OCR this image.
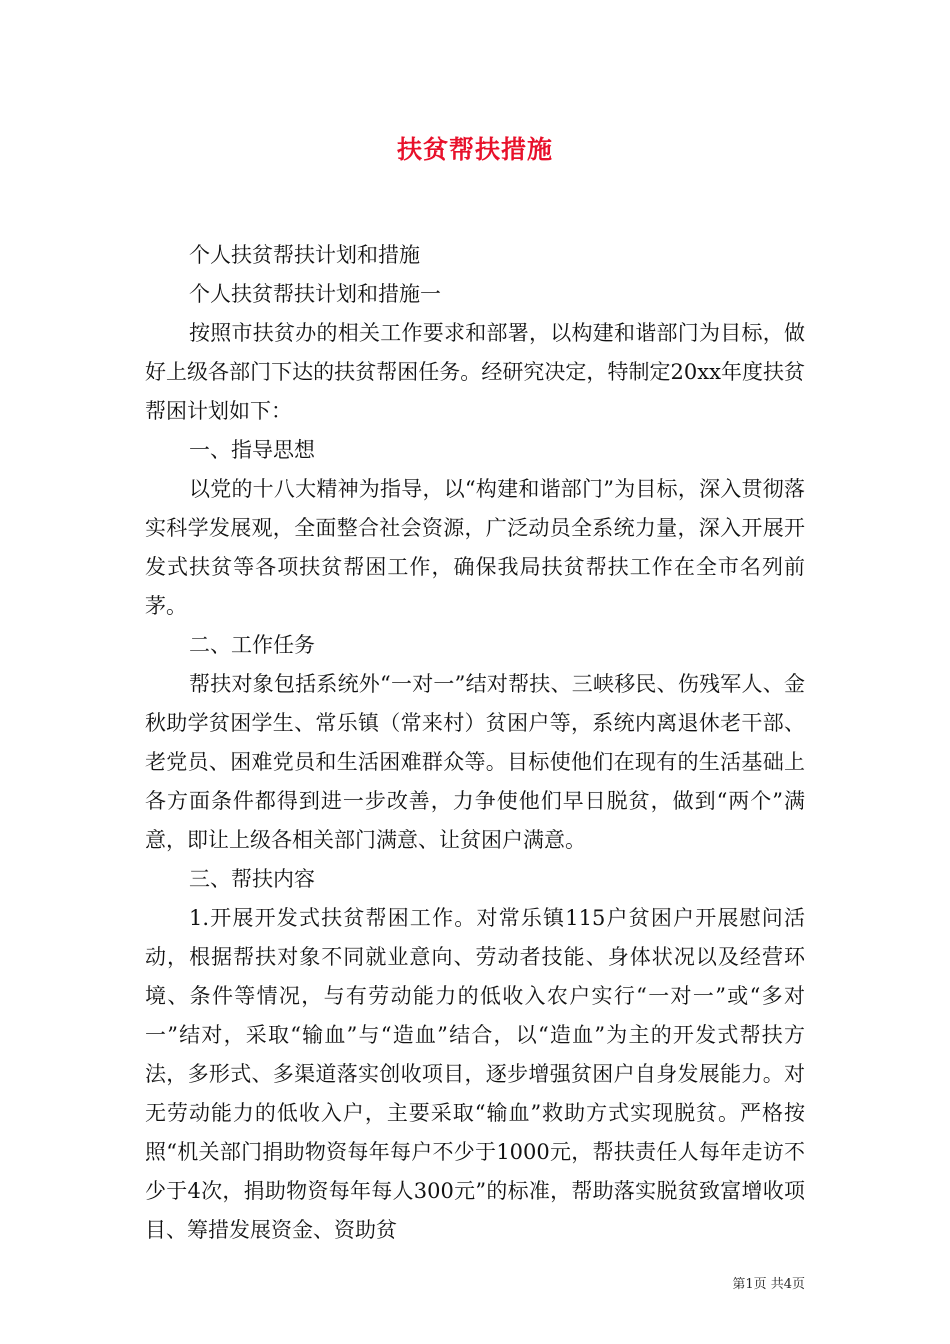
扶贫帮扶措施

个人扶贫帮扶计划和措施

个人扶贫帮扶计划和措施一

按照市扶贫办的相关工作要求和部署，以构建和谐部门为目标，做好上级各部门下达的扶贫帮困任务。经研究决定，特制定20xx年度扶贫帮困计划如下：

一、指导思想

以党的十八大精神为指导，以“构建和谐部门”为目标，深入贯彻落实科学发展观，全面整合社会资源，广泛动员全系统力量，深入开展开发式扶贫等各项扶贫帮困工作，确保我局扶贫帮扶工作在全市名列前茅。

二、工作任务

帮扶对象包括系统外“一对一”结对帮扶、三峡移民、伤残军人、金秋助学贫困学生、常乐镇（常来村）贫困户等，系统内离退休老干部、老党员、困难党员和生活困难群众等。目标使他们在现有的生活基础上各方面条件都得到进一步改善，力争使他们早日脱贫，做到“两个”满意，即让上级各相关部门满意、让贫困户满意。

三、帮扶内容

1.开展开发式扶贫帮困工作。对常乐镇115户贫困户开展慰问活动，根据帮扶对象不同就业意向、劳动者技能、身体状况以及经营环境、条件等情况，与有劳动能力的低收入农户实行“一对一”或“多对一”结对，采取“输血”与“造血”结合，以“造血”为主的开发式帮扶方法，多形式、多渠道落实创收项目，逐步增强贫困户自身发展能力。对无劳动能力的低收入户，主要采取“输血”救助方式实现脱贫。严格按照“机关部门捐助物资每年每户不少于1000元，帮扶责任人每年走访不少于4次，捐助物资每年每人300元”的标准，帮助落实脱贫致富增收项目、筹措发展资金、资助贫

第1页 共4页
